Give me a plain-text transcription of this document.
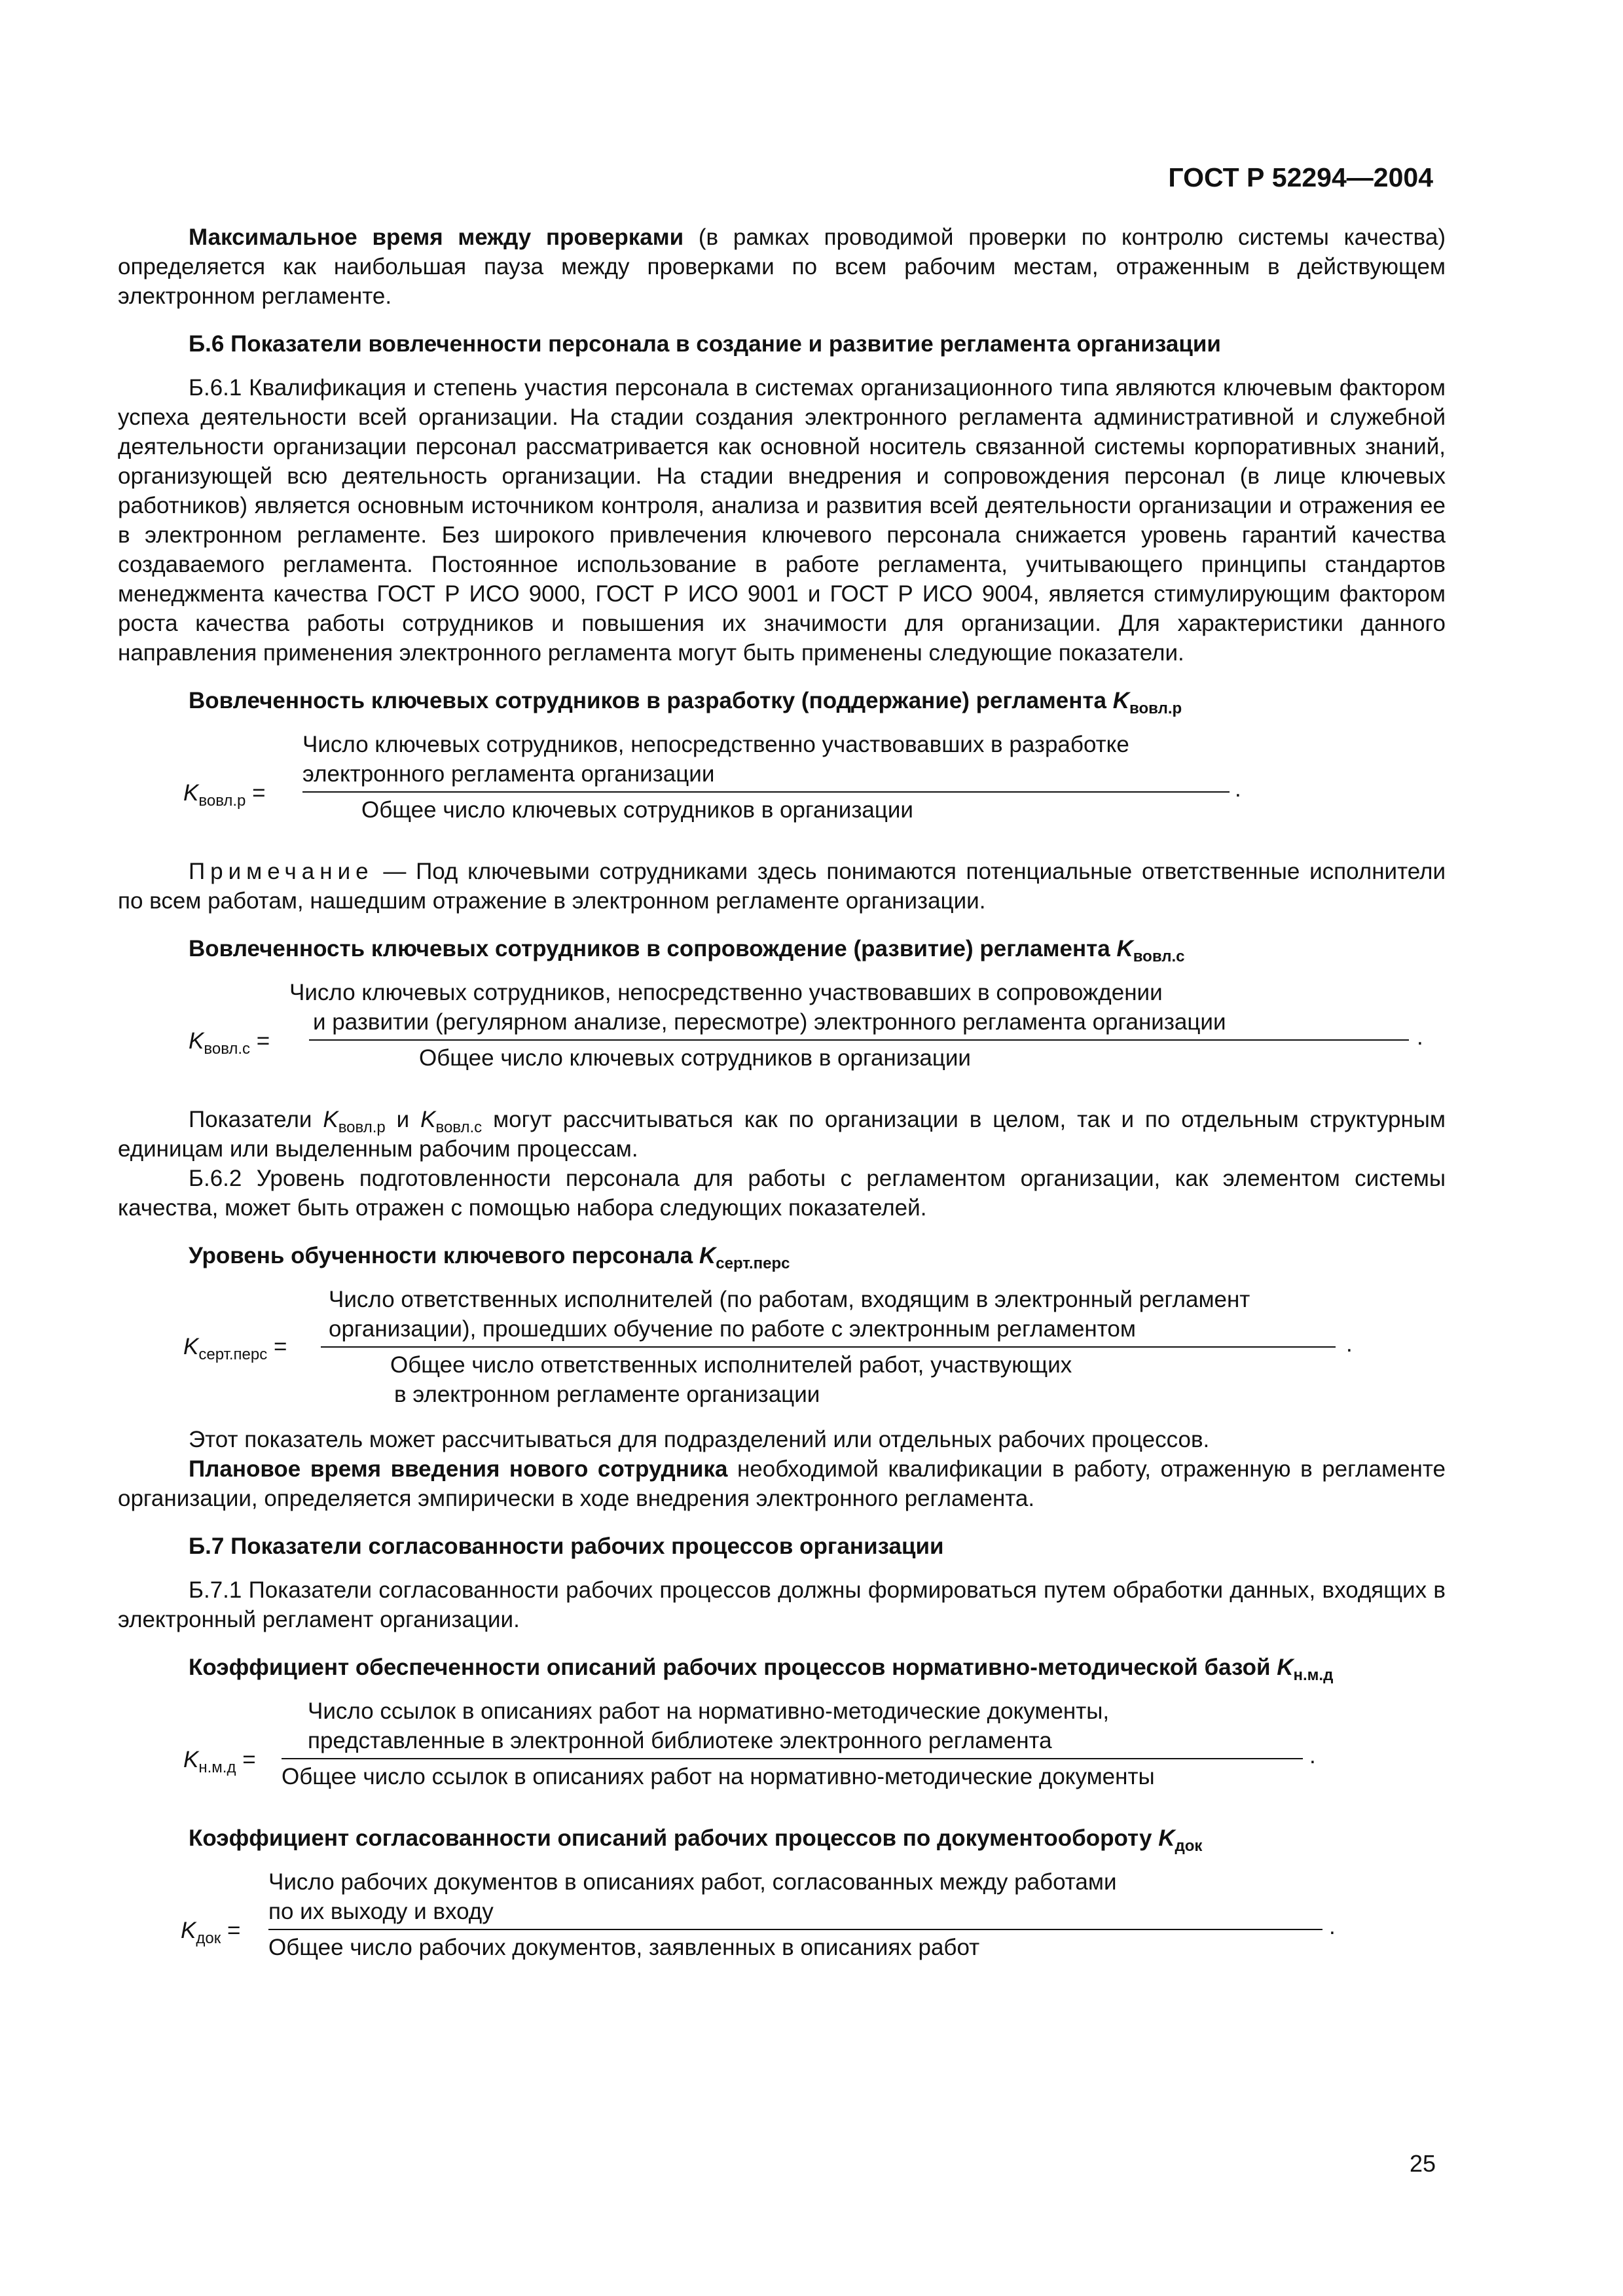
ГОСТ Р 52294—2004

Максимальное время между проверками (в рамках проводимой проверки по контролю системы качества) определяется как наибольшая пауза между проверками по всем рабочим местам, отраженным в действующем электронном регламенте.

Б.6 Показатели вовлеченности персонала в создание и развитие регламента организации

Б.6.1 Квалификация и степень участия персонала в системах организационного типа являются ключевым фактором успеха деятельности всей организации. На стадии создания электронного регламента административной и служебной деятельности организации персонал рассматривается как основной носитель связанной системы корпоративных знаний, организующей всю деятельность организации. На стадии внедрения и сопровождения персонал (в лице ключевых работников) является основным источником контроля, анализа и развития всей деятельности организации и отражения ее в электронном регламенте. Без широкого привлечения ключевого персонала снижается уровень гарантий качества создаваемого регламента. Постоянное использование в работе регламента, учитывающего принципы стандартов менеджмента качества ГОСТ Р ИСО 9000, ГОСТ Р ИСО 9001 и ГОСТ Р ИСО 9004, является стимулирующим фактором роста качества работы сотрудников и повышения их значимости для организации. Для характеристики данного направления применения электронного регламента могут быть применены следующие показатели.

Вовлеченность ключевых сотрудников в разработку (поддержание) регламента $K_{вовл.р}$

$K_{вовл.р}$ =
Число ключевых сотрудников, непосредственно участвовавших в разработке
электронного регламента организации
Общее число ключевых сотрудников в организации
.

Примечание — Под ключевыми сотрудниками здесь понимаются потенциальные ответственные исполнители по всем работам, нашедшим отражение в электронном регламенте организации.

Вовлеченность ключевых сотрудников в сопровождение (развитие) регламента $K_{вовл.с}$

$K_{вовл.с}$ =
Число ключевых сотрудников, непосредственно участвовавших в сопровождении
и развитии (регулярном анализе, пересмотре) электронного регламента организации
Общее число ключевых сотрудников в организации
.

Показатели $K_{вовл.р}$ и $K_{вовл.с}$ могут рассчитываться как по организации в целом, так и по отдельным структурным единицам или выделенным рабочим процессам.

Б.6.2 Уровень подготовленности персонала для работы с регламентом организации, как элементом системы качества, может быть отражен с помощью набора следующих показателей.

Уровень обученности ключевого персонала $K_{серт.перс}$

$K_{серт.перс}$ =
Число ответственных исполнителей (по работам, входящим в электронный регламент
организации), прошедших обучение по работе с электронным регламентом
Общее число ответственных исполнителей работ, участвующих
в электронном регламенте организации
.

Этот показатель может рассчитываться для подразделений или отдельных рабочих процессов.

Плановое время введения нового сотрудника необходимой квалификации в работу, отраженную в регламенте организации, определяется эмпирически в ходе внедрения электронного регламента.

Б.7 Показатели согласованности рабочих процессов организации

Б.7.1 Показатели согласованности рабочих процессов должны формироваться путем обработки данных, входящих в электронный регламент организации.

Коэффициент обеспеченности описаний рабочих процессов нормативно-методической базой $K_{н.м.д}$

$K_{н.м.д}$ =
Число ссылок в описаниях работ на нормативно-методические документы,
представленные в электронной библиотеке электронного регламента
Общее число ссылок в описаниях работ на нормативно-методические документы
.

Коэффициент согласованности описаний рабочих процессов по документообороту $K_{док}$

$K_{док}$ =
Число рабочих документов в описаниях работ, согласованных между работами
по их выходу и входу
Общее число рабочих документов, заявленных в описаниях работ
.
25
